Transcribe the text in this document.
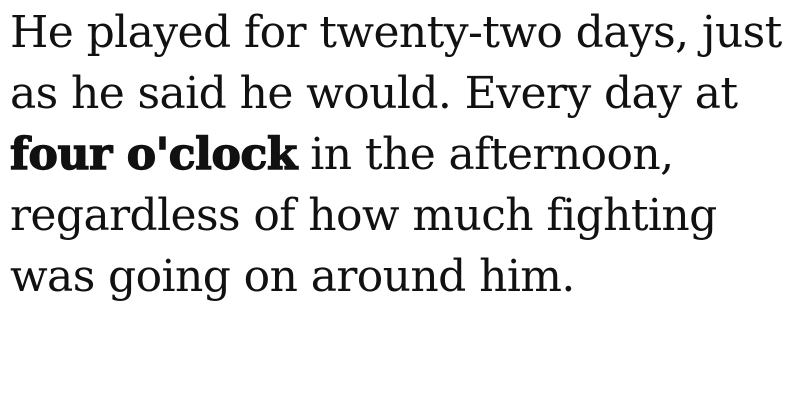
He played for twenty-two days, just
as he said he would. Every day at
four o'clock in the afternoon,
regardless of how much fighting
was going on around him.
